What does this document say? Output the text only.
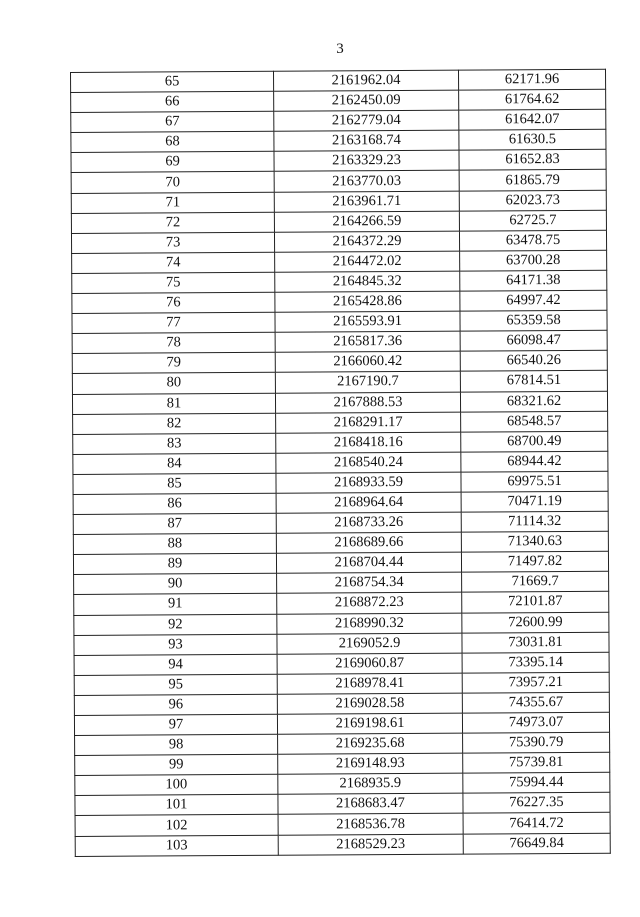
3
65	2161962.04	62171.96
66	2162450.09	61764.62
67	2162779.04	61642.07
68	2163168.74	61630.5
69	2163329.23	61652.83
70	2163770.03	61865.79
71	2163961.71	62023.73
72	2164266.59	62725.7
73	2164372.29	63478.75
74	2164472.02	63700.28
75	2164845.32	64171.38
76	2165428.86	64997.42
77	2165593.91	65359.58
78	2165817.36	66098.47
79	2166060.42	66540.26
80	2167190.7	67814.51
81	2167888.53	68321.62
82	2168291.17	68548.57
83	2168418.16	68700.49
84	2168540.24	68944.42
85	2168933.59	69975.51
86	2168964.64	70471.19
87	2168733.26	71114.32
88	2168689.66	71340.63
89	2168704.44	71497.82
90	2168754.34	71669.7
91	2168872.23	72101.87
92	2168990.32	72600.99
93	2169052.9	73031.81
94	2169060.87	73395.14
95	2168978.41	73957.21
96	2169028.58	74355.67
97	2169198.61	74973.07
98	2169235.68	75390.79
99	2169148.93	75739.81
100	2168935.9	75994.44
101	2168683.47	76227.35
102	2168536.78	76414.72
103	2168529.23	76649.84
